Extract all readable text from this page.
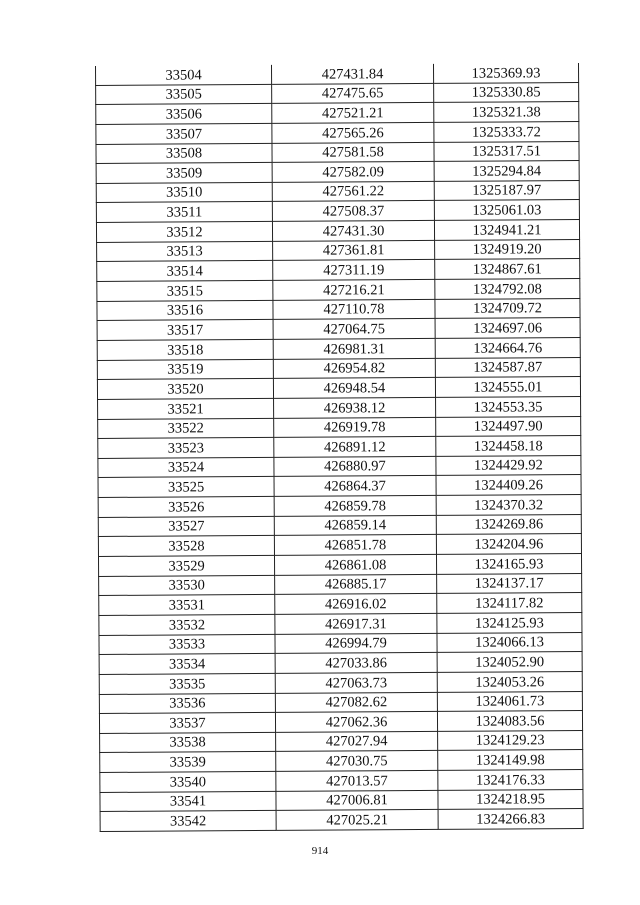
33504	427431.84	1325369.93
33505	427475.65	1325330.85
33506	427521.21	1325321.38
33507	427565.26	1325333.72
33508	427581.58	1325317.51
33509	427582.09	1325294.84
33510	427561.22	1325187.97
33511	427508.37	1325061.03
33512	427431.30	1324941.21
33513	427361.81	1324919.20
33514	427311.19	1324867.61
33515	427216.21	1324792.08
33516	427110.78	1324709.72
33517	427064.75	1324697.06
33518	426981.31	1324664.76
33519	426954.82	1324587.87
33520	426948.54	1324555.01
33521	426938.12	1324553.35
33522	426919.78	1324497.90
33523	426891.12	1324458.18
33524	426880.97	1324429.92
33525	426864.37	1324409.26
33526	426859.78	1324370.32
33527	426859.14	1324269.86
33528	426851.78	1324204.96
33529	426861.08	1324165.93
33530	426885.17	1324137.17
33531	426916.02	1324117.82
33532	426917.31	1324125.93
33533	426994.79	1324066.13
33534	427033.86	1324052.90
33535	427063.73	1324053.26
33536	427082.62	1324061.73
33537	427062.36	1324083.56
33538	427027.94	1324129.23
33539	427030.75	1324149.98
33540	427013.57	1324176.33
33541	427006.81	1324218.95
33542	427025.21	1324266.83
914
